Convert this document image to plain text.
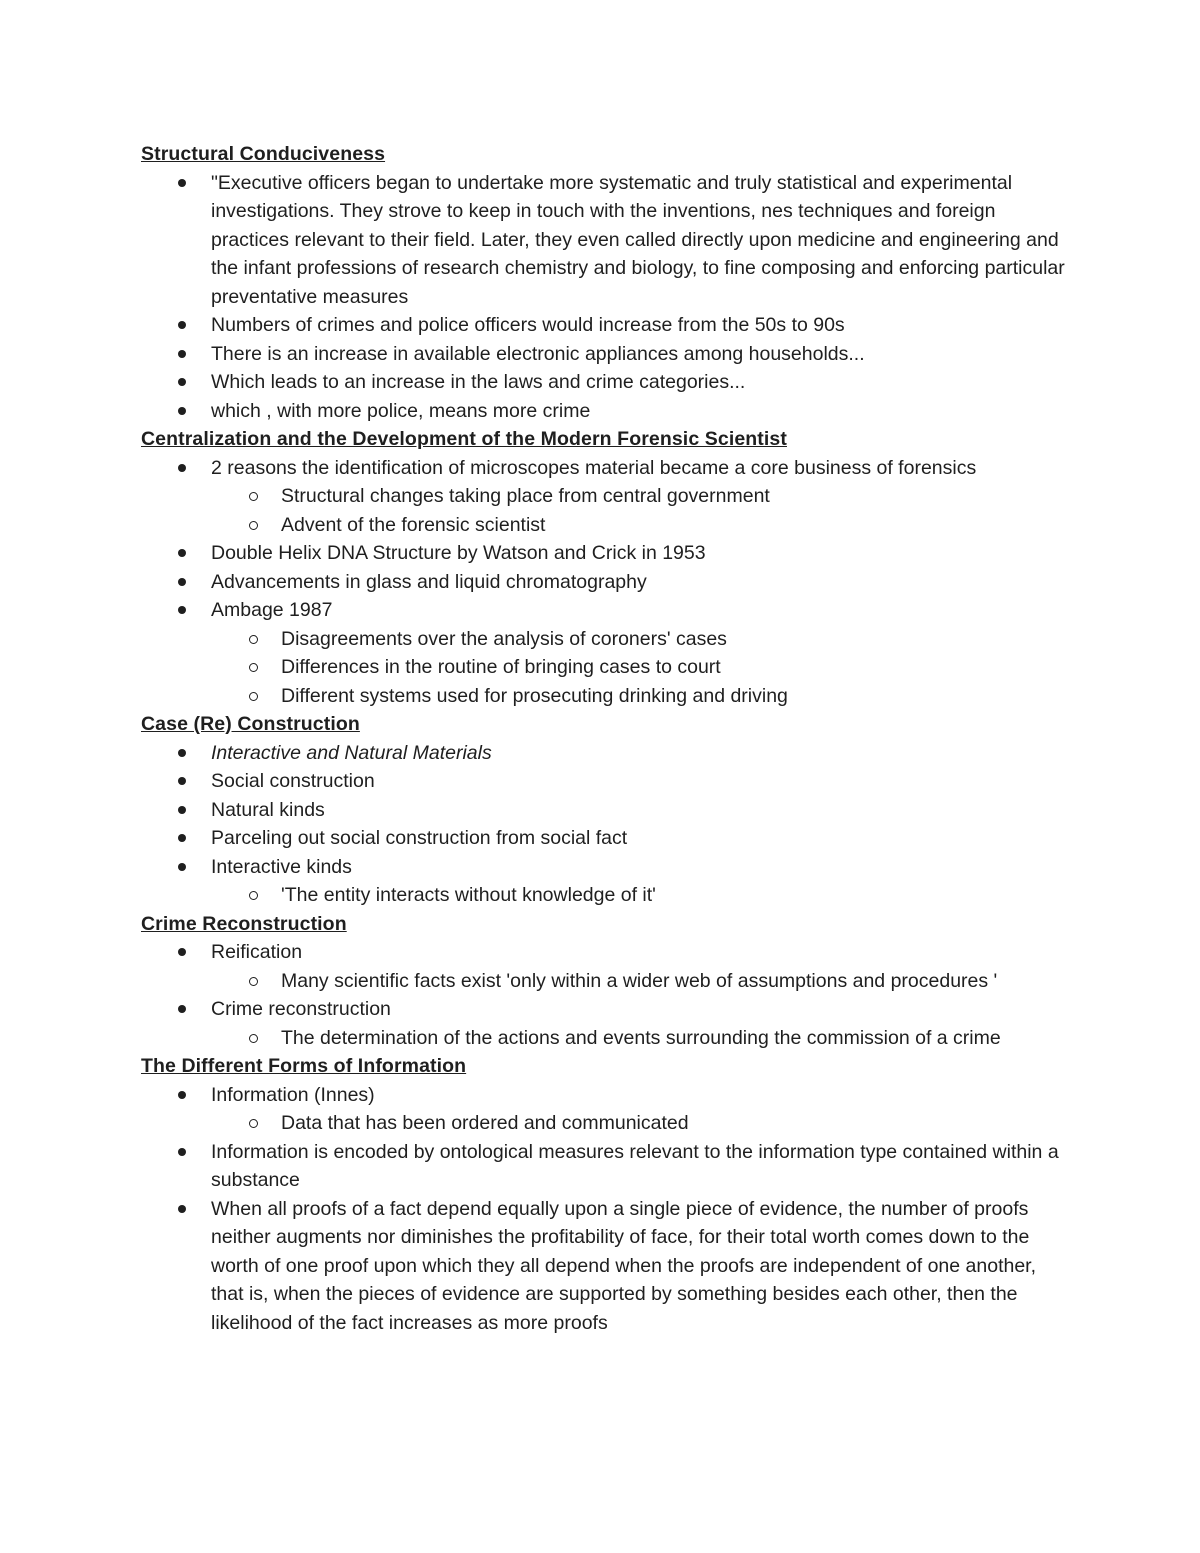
Structural Conduciveness
"Executive officers began to undertake more systematic and truly statistical and experimental investigations. They strove to keep in touch with the inventions, nes techniques and foreign practices relevant to their field. Later, they even called directly upon medicine and engineering and the infant professions of research chemistry and biology, to fine composing and enforcing particular preventative measures
Numbers of crimes and police officers would increase from the 50s to 90s
There is an increase in available electronic appliances among households...
Which leads to an increase in the laws and crime categories...
which , with more police, means more crime
Centralization and the Development of the Modern Forensic Scientist
2 reasons the identification of microscopes material became a core business of forensics
Structural changes taking place from central government
Advent of the forensic scientist
Double Helix DNA Structure by Watson and Crick in 1953
Advancements in glass and liquid chromatography
Ambage 1987
Disagreements over the analysis of coroners' cases
Differences in the routine of bringing cases to court
Different systems used for prosecuting drinking and driving
Case (Re) Construction
Interactive and Natural Materials
Social construction
Natural kinds
Parceling out social construction from social fact
Interactive kinds
'The entity interacts without knowledge of it'
Crime Reconstruction
Reification
Many scientific facts exist 'only within a wider web of assumptions and procedures '
Crime reconstruction
The determination of the actions and events surrounding the commission of a crime
The Different Forms of Information
Information (Innes)
Data that has been ordered and communicated
Information is encoded by ontological measures relevant to the information type contained within a substance
When all proofs of a fact depend equally upon a single piece of evidence, the number of proofs neither augments nor diminishes the profitability of face, for their total worth comes down to the worth of one proof upon which they all depend when the proofs are independent of one another, that is, when the pieces of evidence are supported by something besides each other, then the likelihood of the fact increases as more proofs
